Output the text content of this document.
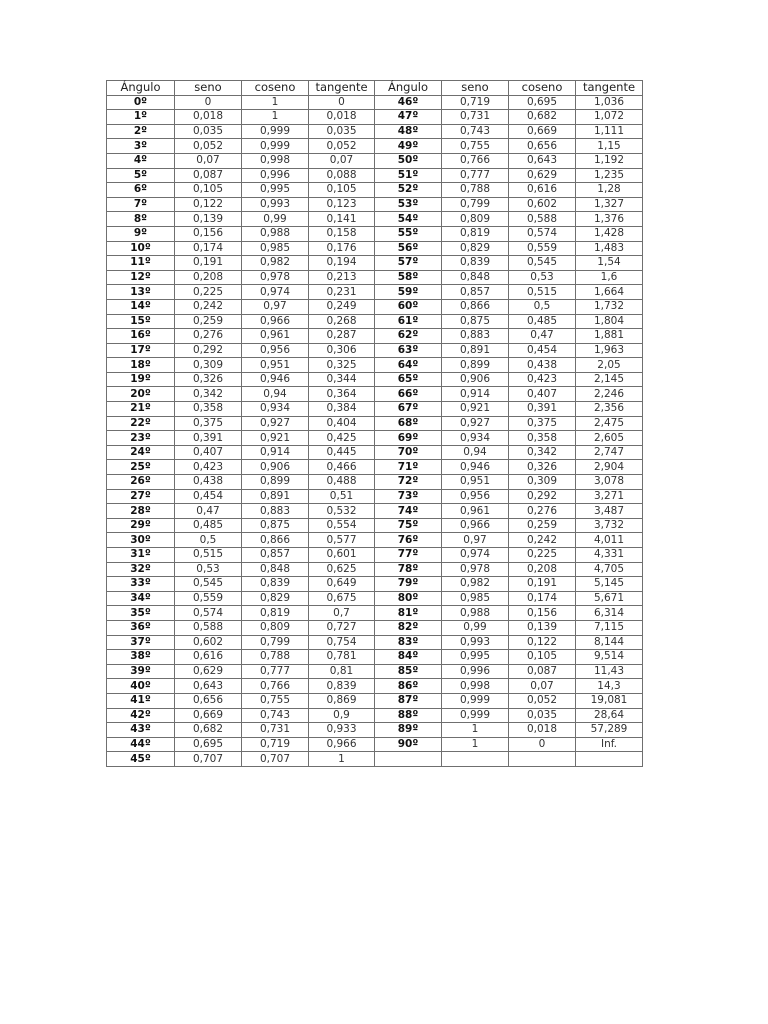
Ángulo	seno	coseno	tangente	Ángulo	seno	coseno	tangente
0º	0	1	0	46º	0,719	0,695	1,036
1º	0,018	1	0,018	47º	0,731	0,682	1,072
2º	0,035	0,999	0,035	48º	0,743	0,669	1,111
3º	0,052	0,999	0,052	49º	0,755	0,656	1,15
4º	0,07	0,998	0,07	50º	0,766	0,643	1,192
5º	0,087	0,996	0,088	51º	0,777	0,629	1,235
6º	0,105	0,995	0,105	52º	0,788	0,616	1,28
7º	0,122	0,993	0,123	53º	0,799	0,602	1,327
8º	0,139	0,99	0,141	54º	0,809	0,588	1,376
9º	0,156	0,988	0,158	55º	0,819	0,574	1,428
10º	0,174	0,985	0,176	56º	0,829	0,559	1,483
11º	0,191	0,982	0,194	57º	0,839	0,545	1,54
12º	0,208	0,978	0,213	58º	0,848	0,53	1,6
13º	0,225	0,974	0,231	59º	0,857	0,515	1,664
14º	0,242	0,97	0,249	60º	0,866	0,5	1,732
15º	0,259	0,966	0,268	61º	0,875	0,485	1,804
16º	0,276	0,961	0,287	62º	0,883	0,47	1,881
17º	0,292	0,956	0,306	63º	0,891	0,454	1,963
18º	0,309	0,951	0,325	64º	0,899	0,438	2,05
19º	0,326	0,946	0,344	65º	0,906	0,423	2,145
20º	0,342	0,94	0,364	66º	0,914	0,407	2,246
21º	0,358	0,934	0,384	67º	0,921	0,391	2,356
22º	0,375	0,927	0,404	68º	0,927	0,375	2,475
23º	0,391	0,921	0,425	69º	0,934	0,358	2,605
24º	0,407	0,914	0,445	70º	0,94	0,342	2,747
25º	0,423	0,906	0,466	71º	0,946	0,326	2,904
26º	0,438	0,899	0,488	72º	0,951	0,309	3,078
27º	0,454	0,891	0,51	73º	0,956	0,292	3,271
28º	0,47	0,883	0,532	74º	0,961	0,276	3,487
29º	0,485	0,875	0,554	75º	0,966	0,259	3,732
30º	0,5	0,866	0,577	76º	0,97	0,242	4,011
31º	0,515	0,857	0,601	77º	0,974	0,225	4,331
32º	0,53	0,848	0,625	78º	0,978	0,208	4,705
33º	0,545	0,839	0,649	79º	0,982	0,191	5,145
34º	0,559	0,829	0,675	80º	0,985	0,174	5,671
35º	0,574	0,819	0,7	81º	0,988	0,156	6,314
36º	0,588	0,809	0,727	82º	0,99	0,139	7,115
37º	0,602	0,799	0,754	83º	0,993	0,122	8,144
38º	0,616	0,788	0,781	84º	0,995	0,105	9,514
39º	0,629	0,777	0,81	85º	0,996	0,087	11,43
40º	0,643	0,766	0,839	86º	0,998	0,07	14,3
41º	0,656	0,755	0,869	87º	0,999	0,052	19,081
42º	0,669	0,743	0,9	88º	0,999	0,035	28,64
43º	0,682	0,731	0,933	89º	1	0,018	57,289
44º	0,695	0,719	0,966	90º	1	0	Inf.
45º	0,707	0,707	1				
